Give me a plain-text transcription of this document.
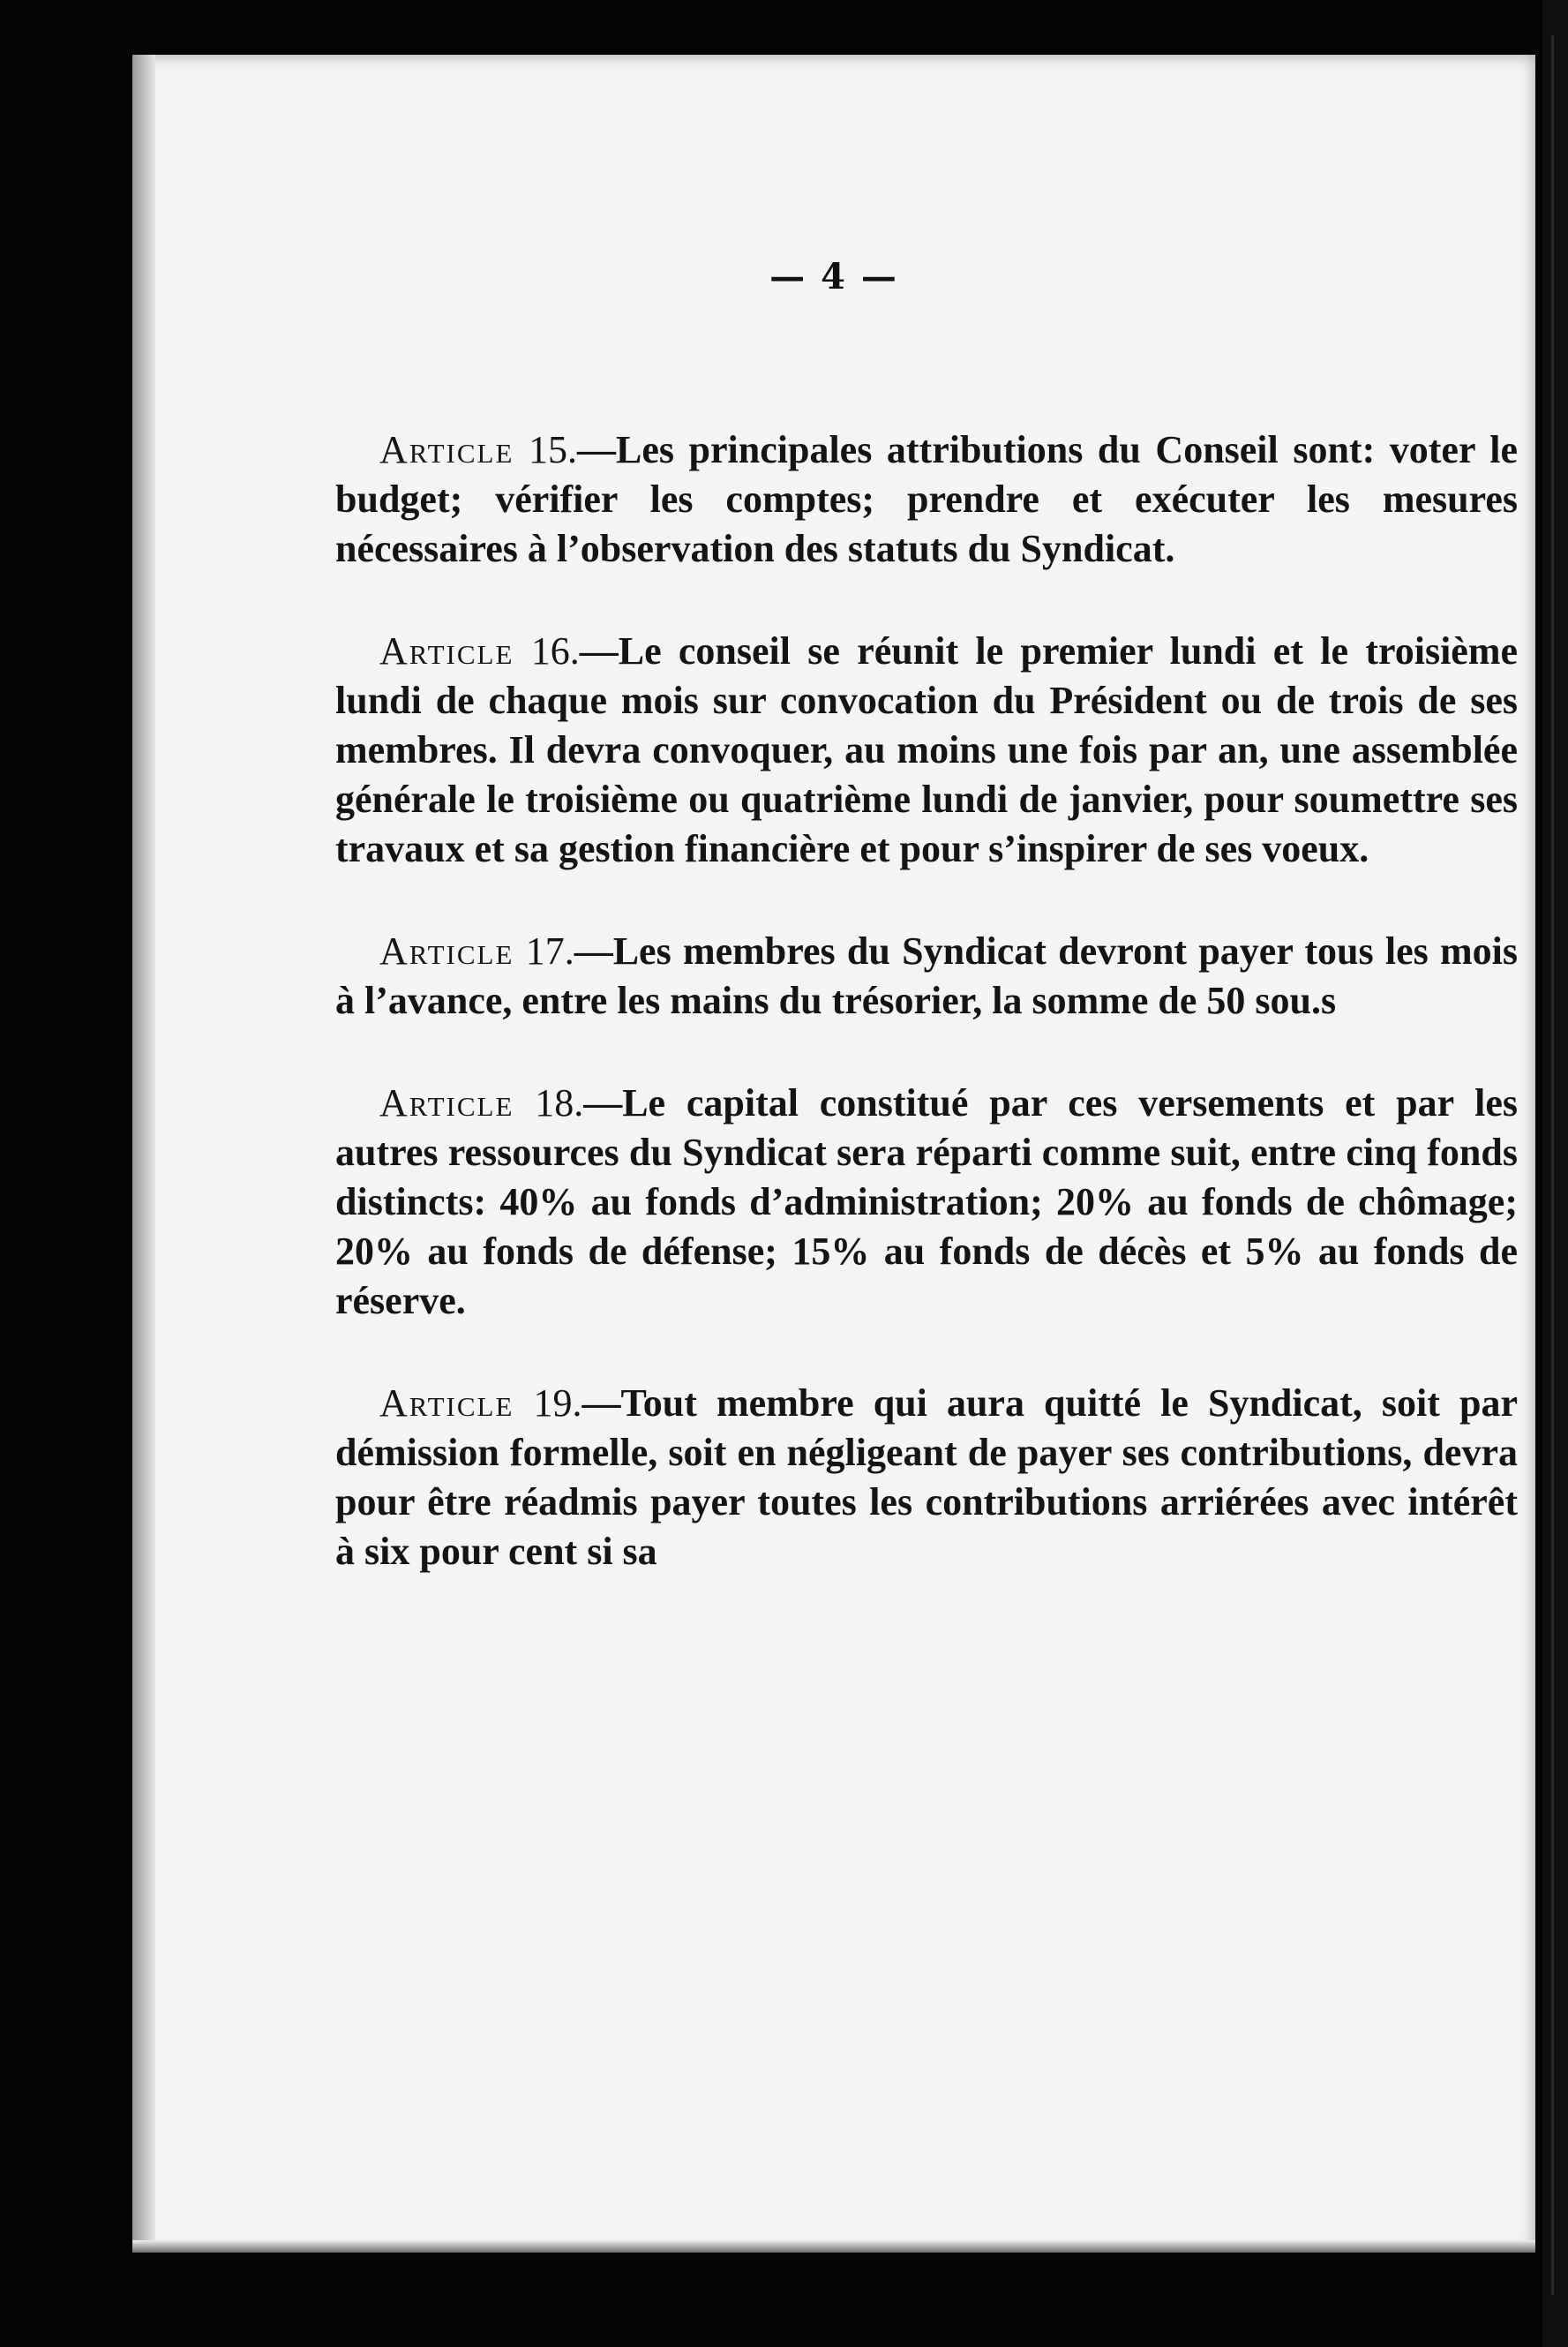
— 4 —

Article 15.—Les principales attributions du Conseil sont: voter le budget; vérifier les comptes; prendre et exécuter les mesures nécessaires à l’observation des statuts du Syndicat.

Article 16.—Le conseil se réunit le premier lundi et le troisième lundi de chaque mois sur convocation du Président ou de trois de ses membres. Il devra convoquer, au moins une fois par an, une assemblée générale le troisième ou quatrième lundi de janvier, pour soumettre ses travaux et sa gestion financière et pour s’inspirer de ses voeux.

Article 17.—Les membres du Syndicat devront payer tous les mois à l’avance, entre les mains du trésorier, la somme de 50 sou.s

Article 18.—Le capital constitué par ces versements et par les autres ressources du Syndicat sera réparti comme suit, entre cinq fonds distincts: 40% au fonds d’administration; 20% au fonds de chômage; 20% au fonds de défense; 15% au fonds de décès et 5% au fonds de réserve.

Article 19.—Tout membre qui aura quitté le Syndicat, soit par démission formelle, soit en négligeant de payer ses contributions, devra pour être réadmis payer toutes les contributions arriérées avec intérêt à six pour cent si sa
